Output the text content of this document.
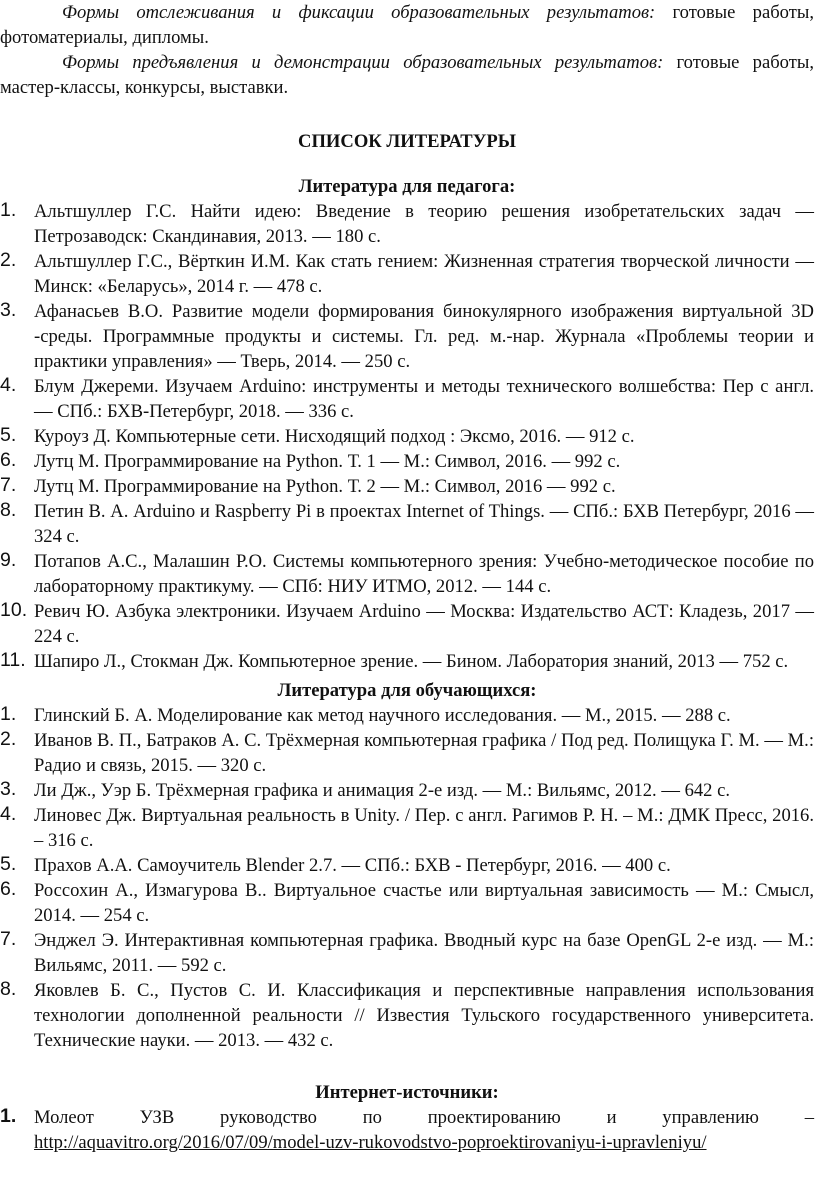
Формы отслеживания и фиксации образовательных результатов: готовые работы, фотоматериалы, дипломы.

Формы предъявления и демонстрации образовательных результатов: готовые работы, мастер-классы, конкурсы, выставки.

СПИСОК ЛИТЕРАТУРЫ
Литература для педагога:
1. Альтшуллер Г.С. Найти идею: Введение в теорию решения изобретательских задач — Петрозаводск: Скандинавия, 2013. — 180 с.
2. Альтшуллер Г.С., Вёрткин И.М. Как стать гением: Жизненная стратегия творческой личности — Минск: «Беларусь», 2014 г. — 478 с.
3. Афанасьев В.О. Развитие модели формирования бинокулярного изображения виртуальной 3D -среды. Программные продукты и системы. Гл. ред. м.-нар. Журнала «Проблемы теории и практики управления» — Тверь, 2014. — 250 с.
4. Блум Джереми. Изучаем Arduino: инструменты и методы технического волшебства: Пер с англ. — СПб.: БХВ-Петербург, 2018. — 336 с.
5. Куроуз Д. Компьютерные сети. Нисходящий подход : Эксмо, 2016. — 912 с.
6. Лутц М. Программирование на Python. Т. 1 — М.: Символ, 2016. — 992 с.
7. Лутц М. Программирование на Python. Т. 2 — М.: Символ, 2016 — 992 с.
8. Петин В. А. Arduino и Raspberry Pi в проектах Internet of Things. — СПб.: БХВ Петербург, 2016 — 324 с.
9. Потапов А.С., Малашин Р.О. Системы компьютерного зрения: Учебно-методическое пособие по лабораторному практикуму. — СПб: НИУ ИТМО, 2012. — 144 с.
10. Ревич Ю. Азбука электроники. Изучаем Arduino — Москва: Издательство АСТ: Кладезь, 2017 — 224 с.
11. Шапиро Л., Стокман Дж. Компьютерное зрение. — Бином. Лаборатория знаний, 2013 — 752 с.
Литература для обучающихся:
1. Глинский Б. А. Моделирование как метод научного исследования. — М., 2015. — 288 с.
2. Иванов В. П., Батраков А. С. Трёхмерная компьютерная графика / Под ред. Полищука Г. М. — М.: Радио и связь, 2015. — 320 с.
3. Ли Дж., Уэр Б. Трёхмерная графика и анимация 2-е изд. — М.: Вильямс, 2012. — 642 с.
4. Линовес Дж. Виртуальная реальность в Unity. / Пер. с англ. Рагимов Р. Н. – М.: ДМК Пресс, 2016. – 316 с.
5. Прахов А.А. Самоучитель Blender 2.7. — СПб.: БХВ - Петербург, 2016. — 400 с.
6. Россохин А., Измагурова В.. Виртуальное счастье или виртуальная зависимость — М.: Смысл, 2014. — 254 с.
7. Энджел Э. Интерактивная компьютерная графика. Вводный курс на базе OpenGL 2-е изд. — М.: Вильямс, 2011. — 592 с.
8. Яковлев Б. С., Пустов С. И. Классификация и перспективные направления использования технологии дополненной реальности // Известия Тульского государственного университета. Технические науки. — 2013. — 432 с.
Интернет-источники:
1. Молеот УЗВ руководство по проектированию и управлению –
http://aquavitro.org/2016/07/09/model-uzv-rukovodstvo-poproektirovaniyu-i-upravleniyu/
